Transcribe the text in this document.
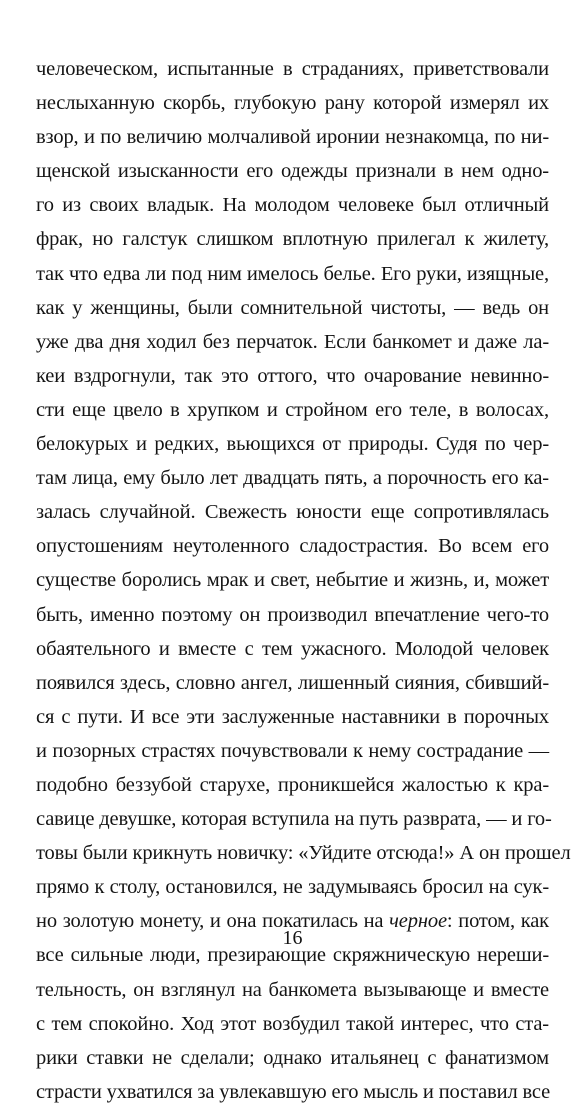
человеческом, испытанные в страданиях, приветствовали
неслыханную скорбь, глубокую рану которой измерял их
взор, и по величию молчаливой иронии незнакомца, по ни-
щенской изысканности его одежды признали в нем одно-
го из своих владык. На молодом человеке был отличный
фрак, но галстук слишком вплотную прилегал к жилету,
так что едва ли под ним имелось белье. Его руки, изящные,
как у женщины, были сомнительной чистоты, — ведь он
уже два дня ходил без перчаток. Если банкомет и даже ла-
кеи вздрогнули, так это оттого, что очарование невинно-
сти еще цвело в хрупком и стройном его теле, в волосах,
белокурых и редких, вьющихся от природы. Судя по чер-
там лица, ему было лет двадцать пять, а порочность его ка-
залась случайной. Свежесть юности еще сопротивлялась
опустошениям неутоленного сладострастия. Во всем его
существе боролись мрак и свет, небытие и жизнь, и, может
быть, именно поэтому он производил впечатление чего-то
обаятельного и вместе с тем ужасного. Молодой человек
появился здесь, словно ангел, лишенный сияния, сбивший-
ся с пути. И все эти заслуженные наставники в порочных
и позорных страстях почувствовали к нему сострадание —
подобно беззубой старухе, проникшейся жалостью к кра-
савице девушке, которая вступила на путь разврата, — и го-
товы были крикнуть новичку: «Уйдите отсюда!» А он прошел
прямо к столу, остановился, не задумываясь бросил на сук-
но золотую монету, и она покатилась на черное: потом, как
все сильные люди, презирающие скряжническую нереши-
тельность, он взглянул на банкомета вызывающе и вместе
с тем спокойно. Ход этот возбудил такой интерес, что ста-
рики ставки не сделали; однако итальянец с фанатизмом
страсти ухватился за увлекавшую его мысль и поставил все
16
